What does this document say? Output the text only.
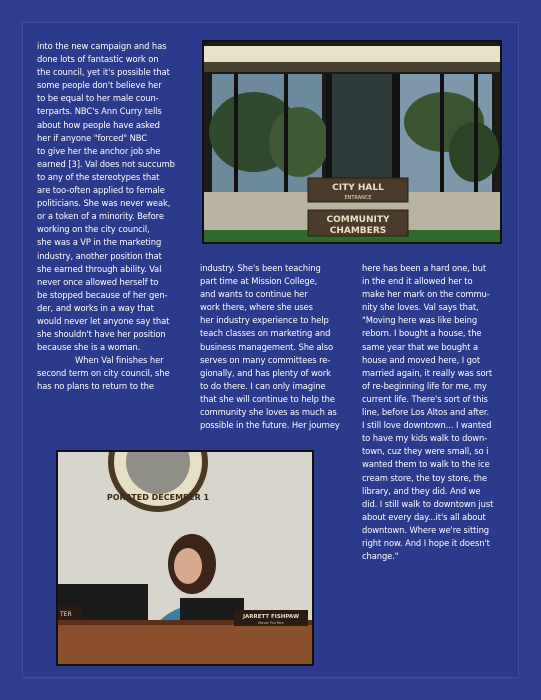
into the new campaign and has
done lots of fantastic work on
the council, yet it's possible that
some people don't believe her
to be equal to her male coun-
terparts. NBC's Ann Curry tells
about how people have asked
her if anyone "forced" NBC
to give her the anchor job she
earned [3]. Val does not succumb
to any of the stereotypes that
are too-often applied to female
politicians. She was never weak,
or a token of a minority. Before
working on the city council,
she was a VP in the marketing
industry, another position that
she earned through ability. Val
never once allowed herself to
be stopped because of her gen-
der, and works in a way that
would never let anyone say that
she shouldn't have her position
because she is a woman.

When Val finishes her
second term on city council, she
has no plans to return to the

CITY HALL
ENTRANCE
COMMUNITY
CHAMBERS

industry. She's been teaching
part time at Mission College,
and wants to continue her
work there, where she uses
her industry experience to help
teach classes on marketing and
business management. She also
serves on many committees re-
gionally, and has plenty of work
to do there. I can only imagine
that she will continue to help the
community she loves as much as
possible in the future. Her journey

here has been a hard one, but
in the end it allowed her to
make her mark on the commu-
nity she loves. Val says that,
"Moving here was like being
reborn. I bought a house, the
same year that we bought a
house and moved here, I got
married again, it really was sort
of re-beginning life for me, my
current life. There's sort of this
line, before Los Altos and after.
I still love downtown... I wanted
to have my kids walk to down-
town, cuz they were small, so i
wanted them to walk to the ice
cream store, the toy store, the
library, and they did. And we
did. I still walk to downtown just
about every day...it's all about
downtown. Where we're sitting
right now. And I hope it doesn't
change."

PORATED DECEMBER 1
TER	JARRETT FISHPAW
Mayor Pro Tem
